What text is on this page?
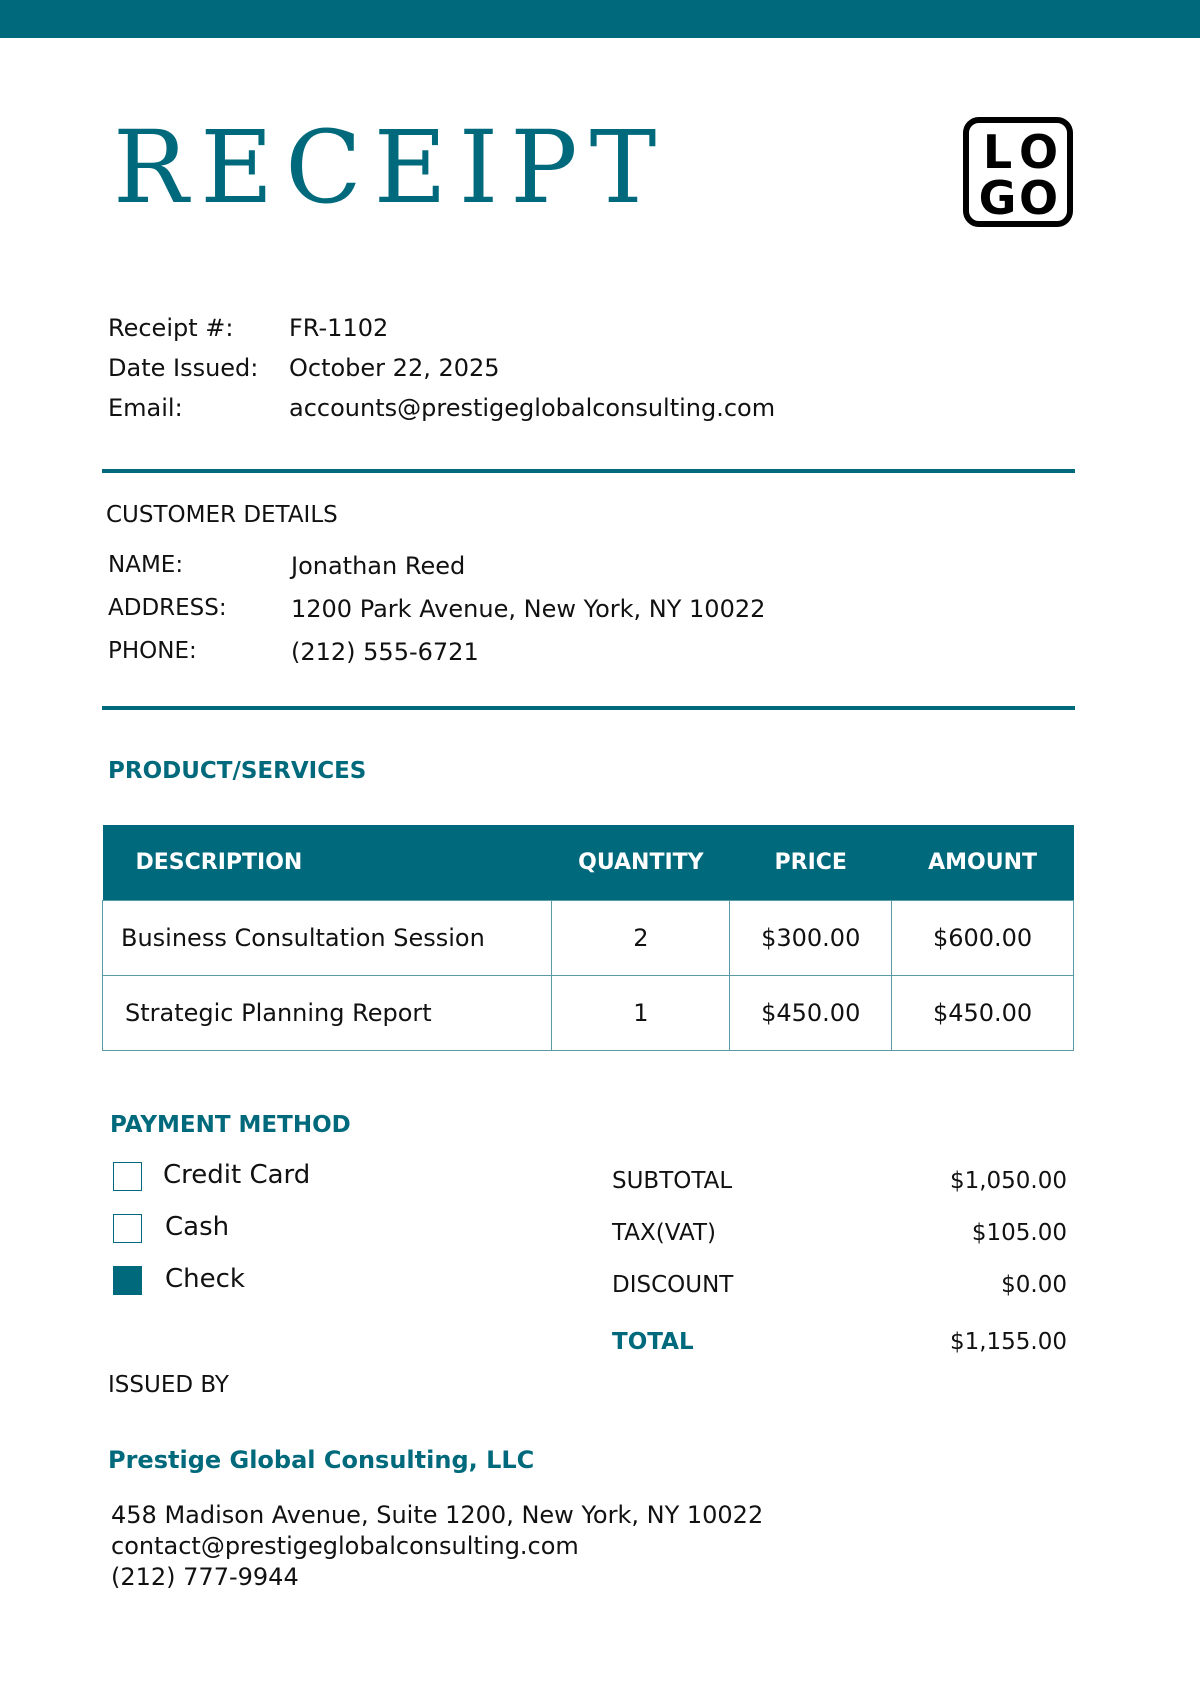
RECEIPT	L O
G O
Receipt #: FR-1102
Date Issued: October 22, 2025
Email:	accounts@prestigeglobalconsulting.com
CUSTOMER DETAILS
NAME:	Jonathan Reed
ADDRESS:	1200 Park Avenue, New York, NY 10022
PHONE:	(212) 555-6721
PRODUCT/SERVICES
DESCRIPTION	QUANTITY	PRICE	AMOUNT
Business Consultation Session	2	$300.00	$600.00
Strategic Planning Report	1	$450.00	$450.00
PAYMENT METHOD
Credit Card
Cash
Check
SUBTOTAL	$1,050.00
TAX(VAT)	$105.00
DISCOUNT	$0.00
TOTAL	$1,155.00
ISSUED BY
Prestige Global Consulting, LLC
458 Madison Avenue, Suite 1200, New York, NY 10022
contact@prestigeglobalconsulting.com
(212) 777-9944
